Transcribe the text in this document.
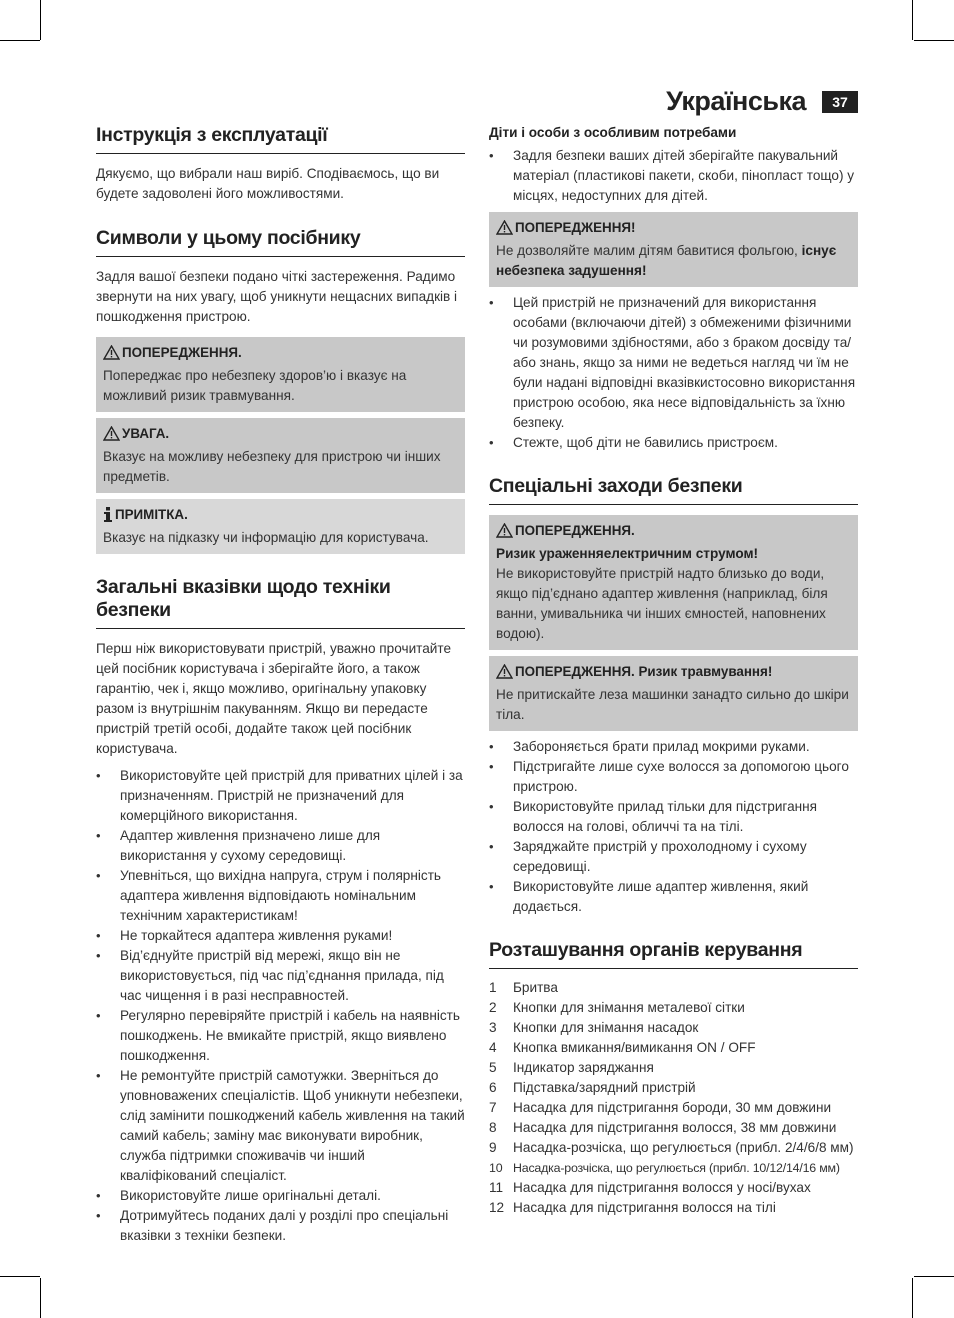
Українська	37
Інструкція з експлуатації

Дякуємо, що вибрали наш виріб. Сподіваємось, що ви будете задоволені його можливостями.

Символи у цьому посібнику

Задля вашої безпеки подано чіткі застереження. Радимо звернути на них увагу, щоб уникнути нещасних випадків і пошкодження пристрою.

ПОПЕРЕДЖЕННЯ.
Попереджає про небезпеку здоров’ю і вказує на можливий ризик травмування.
УВАГА.
Вказує на можливу небезпеку для пристрою чи інших предметів.
ПРИМІТКА.
Вказує на підказку чи інформацію для користувача.
Загальні вказівки щодо техніки безпеки

Перш ніж використовувати пристрій, уважно прочитайте цей посібник користувача і зберігайте його, а також гарантію, чек і, якщо можливо, оригінальну упаковку разом із внутрішнім пакуванням. Якщо ви передасте пристрій третій особі, додайте також цей посібник користувача.

• Використовуйте цей пристрій для приватних цілей і за призначенням. Пристрій не призначений для комерційного використання.
• Адаптер живлення призначено лише для використання у сухому середовищі.
• Упевніться, що вихідна напруга, струм і полярність адаптера живлення відповідають номінальним технічним характеристикам!
• Не торкайтеся адаптера живлення руками!
• Від’єднуйте пристрій від мережі, якщо він не використовується, під час під’єднання прилада, під час чищення і в разі несправностей.
• Регулярно перевіряйте пристрій і кабель на наявність пошкоджень. Не вмикайте пристрій, якщо виявлено пошкодження.
• Не ремонтуйте пристрій самотужки. Зверніться до уповноважених спеціалістів. Щоб уникнути небезпеки, слід замінити пошкоджений кабель живлення на такий самий кабель; заміну має виконувати виробник, служба підтримки споживачів чи інший кваліфікований спеціаліст.
• Використовуйте лише оригінальні деталі.
• Дотримуйтесь поданих далі у розділі про спеціальні вказівки з техніки безпеки.
Діти і особи з особливим потребами
• Задля безпеки ваших дітей зберігайте пакувальний матеріал (пластикові пакети, скоби, пінопласт тощо) у місцях, недоступних для дітей.
ПОПЕРЕДЖЕННЯ!
Не дозволяйте малим дітям бавитися фольгою, існує небезпека задушення!
• Цей пристрій не призначений для використання особами (включаючи дітей) з обмеженими фізичними чи розумовими здібностями, або з браком досвіду та/або знань, якщо за ними не ведеться нагляд чи їм не були надані відповідні вказівкистосовно використання пристрою особою, яка несе відповідальність за їхню безпеку.
• Стежте, щоб діти не бавились пристроєм.
Спеціальні заходи безпеки
ПОПЕРЕДЖЕННЯ.
Ризик ураженняелектричним струмом!
Не використовуйте пристрій надто близько до води, якщо під’єднано адаптер живлення (наприклад, біля ванни, умивальника чи інших ємностей, наповнених водою).
ПОПЕРЕДЖЕННЯ. Ризик травмування!
Не притискайте леза машинки занадто сильно до шкіри тіла.
• Забороняється брати прилад мокрими руками.
• Підстригайте лише сухе волосся за допомогою цього пристрою.
• Використовуйте прилад тільки для підстригання волосся на голові, обличчі та на тілі.
• Заряджайте пристрій у прохолодному і сухому середовищі.
• Використовуйте лише адаптер живлення, який додається.
Розташування органів керування
1 Бритва
2 Кнопки для знімання металевої сітки
3 Кнопки для знімання насадок
4 Кнопка вмикання/вимикання ON / OFF
5 Індикатор заряджання
6 Підставка/зарядний пристрій
7 Насадка для підстригання бороди, 30 мм довжини
8 Насадка для підстригання волосся, 38 мм довжини
9 Насадка-розчіска, що регулюється (прибл. 2/4/6/8 мм)
10 Насадка-розчіска, що регулюється (прибл. 10/12/14/16 мм)
11 Насадка для підстригання волосся у носі/вухах
12 Насадка для підстригання волосся на тілі
